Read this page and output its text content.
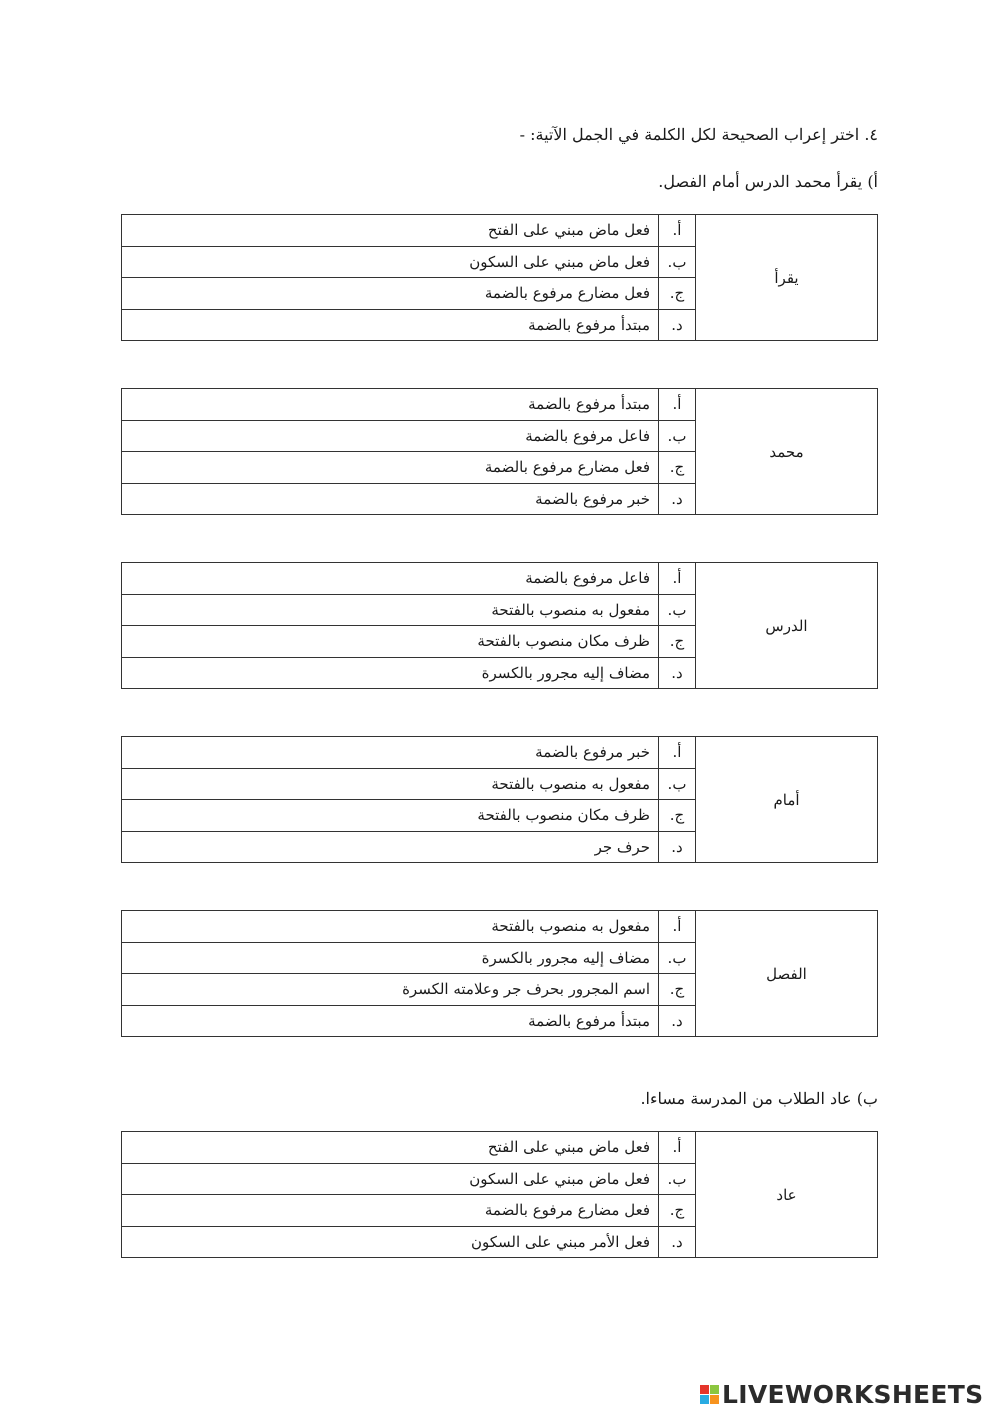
٤. اختر إعراب الصحيحة لكل الكلمة في الجمل الآتية: -
أ) يقرأ محمد الدرس أمام الفصل.
يقرأ	أ.	فعل ماض مبني على الفتح
	ب.	فعل ماض مبني على السكون
	ج.	فعل مضارع مرفوع بالضمة
	د.	مبتدأ مرفوع بالضمة
محمد	أ.	مبتدأ مرفوع بالضمة
	ب.	فاعل مرفوع بالضمة
	ج.	فعل مضارع مرفوع بالضمة
	د.	خبر مرفوع بالضمة
الدرس	أ.	فاعل مرفوع بالضمة
	ب.	مفعول به منصوب بالفتحة
	ج.	ظرف مكان منصوب بالفتحة
	د.	مضاف إليه مجرور بالكسرة
أمام	أ.	خبر مرفوع بالضمة
	ب.	مفعول به منصوب بالفتحة
	ج.	ظرف مكان منصوب بالفتحة
	د.	حرف جر
الفصل	أ.	مفعول به منصوب بالفتحة
	ب.	مضاف إليه مجرور بالكسرة
	ج.	اسم المجرور بحرف جر وعلامته الكسرة
	د.	مبتدأ مرفوع بالضمة
ب) عاد الطلاب من المدرسة مساءا.
عاد	أ.	فعل ماض مبني على الفتح
	ب.	فعل ماض مبني على السكون
	ج.	فعل مضارع مرفوع بالضمة
	د.	فعل الأمر مبني على السكون
LIVEWORKSHEETS
